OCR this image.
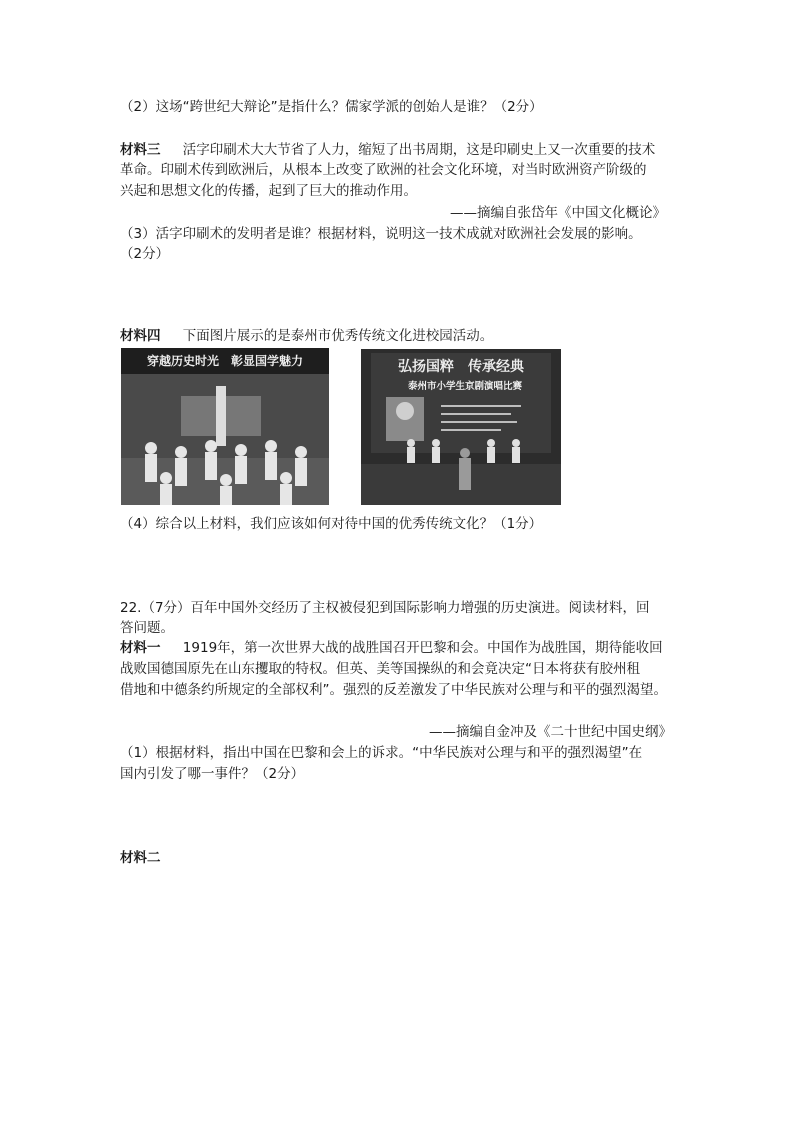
（2）这场“跨世纪大辩论”是指什么？儒家学派的创始人是谁？（2分）
材料三 活字印刷术大大节省了人力，缩短了出书周期，这是印刷史上又一次重要的技术
革命。印刷术传到欧洲后，从根本上改变了欧洲的社会文化环境，对当时欧洲资产阶级的
兴起和思想文化的传播，起到了巨大的推动作用。
——摘编自张岱年《中国文化概论》
（3）活字印刷术的发明者是谁？根据材料，说明这一技术成就对欧洲社会发展的影响。
（2分）
材料四 下面图片展示的是泰州市优秀传统文化进校园活动。
穿越历史时光　彰显国学魅力	弘扬国粹　传承经典
泰州市小学生京剧演唱比赛
（4）综合以上材料，我们应该如何对待中国的优秀传统文化？（1分）
22.（7分）百年中国外交经历了主权被侵犯到国际影响力增强的历史演进。阅读材料，回
答问题。
材料一 1919年，第一次世界大战的战胜国召开巴黎和会。中国作为战胜国，期待能收回
战败国德国原先在山东攫取的特权。但英、美等国操纵的和会竟决定“日本将获有胶州租
借地和中德条约所规定的全部权利”。强烈的反差激发了中华民族对公理与和平的强烈渴望。
——摘编自金冲及《二十世纪中国史纲》
（1）根据材料，指出中国在巴黎和会上的诉求。“中华民族对公理与和平的强烈渴望”在
国内引发了哪一事件？（2分）
材料二
